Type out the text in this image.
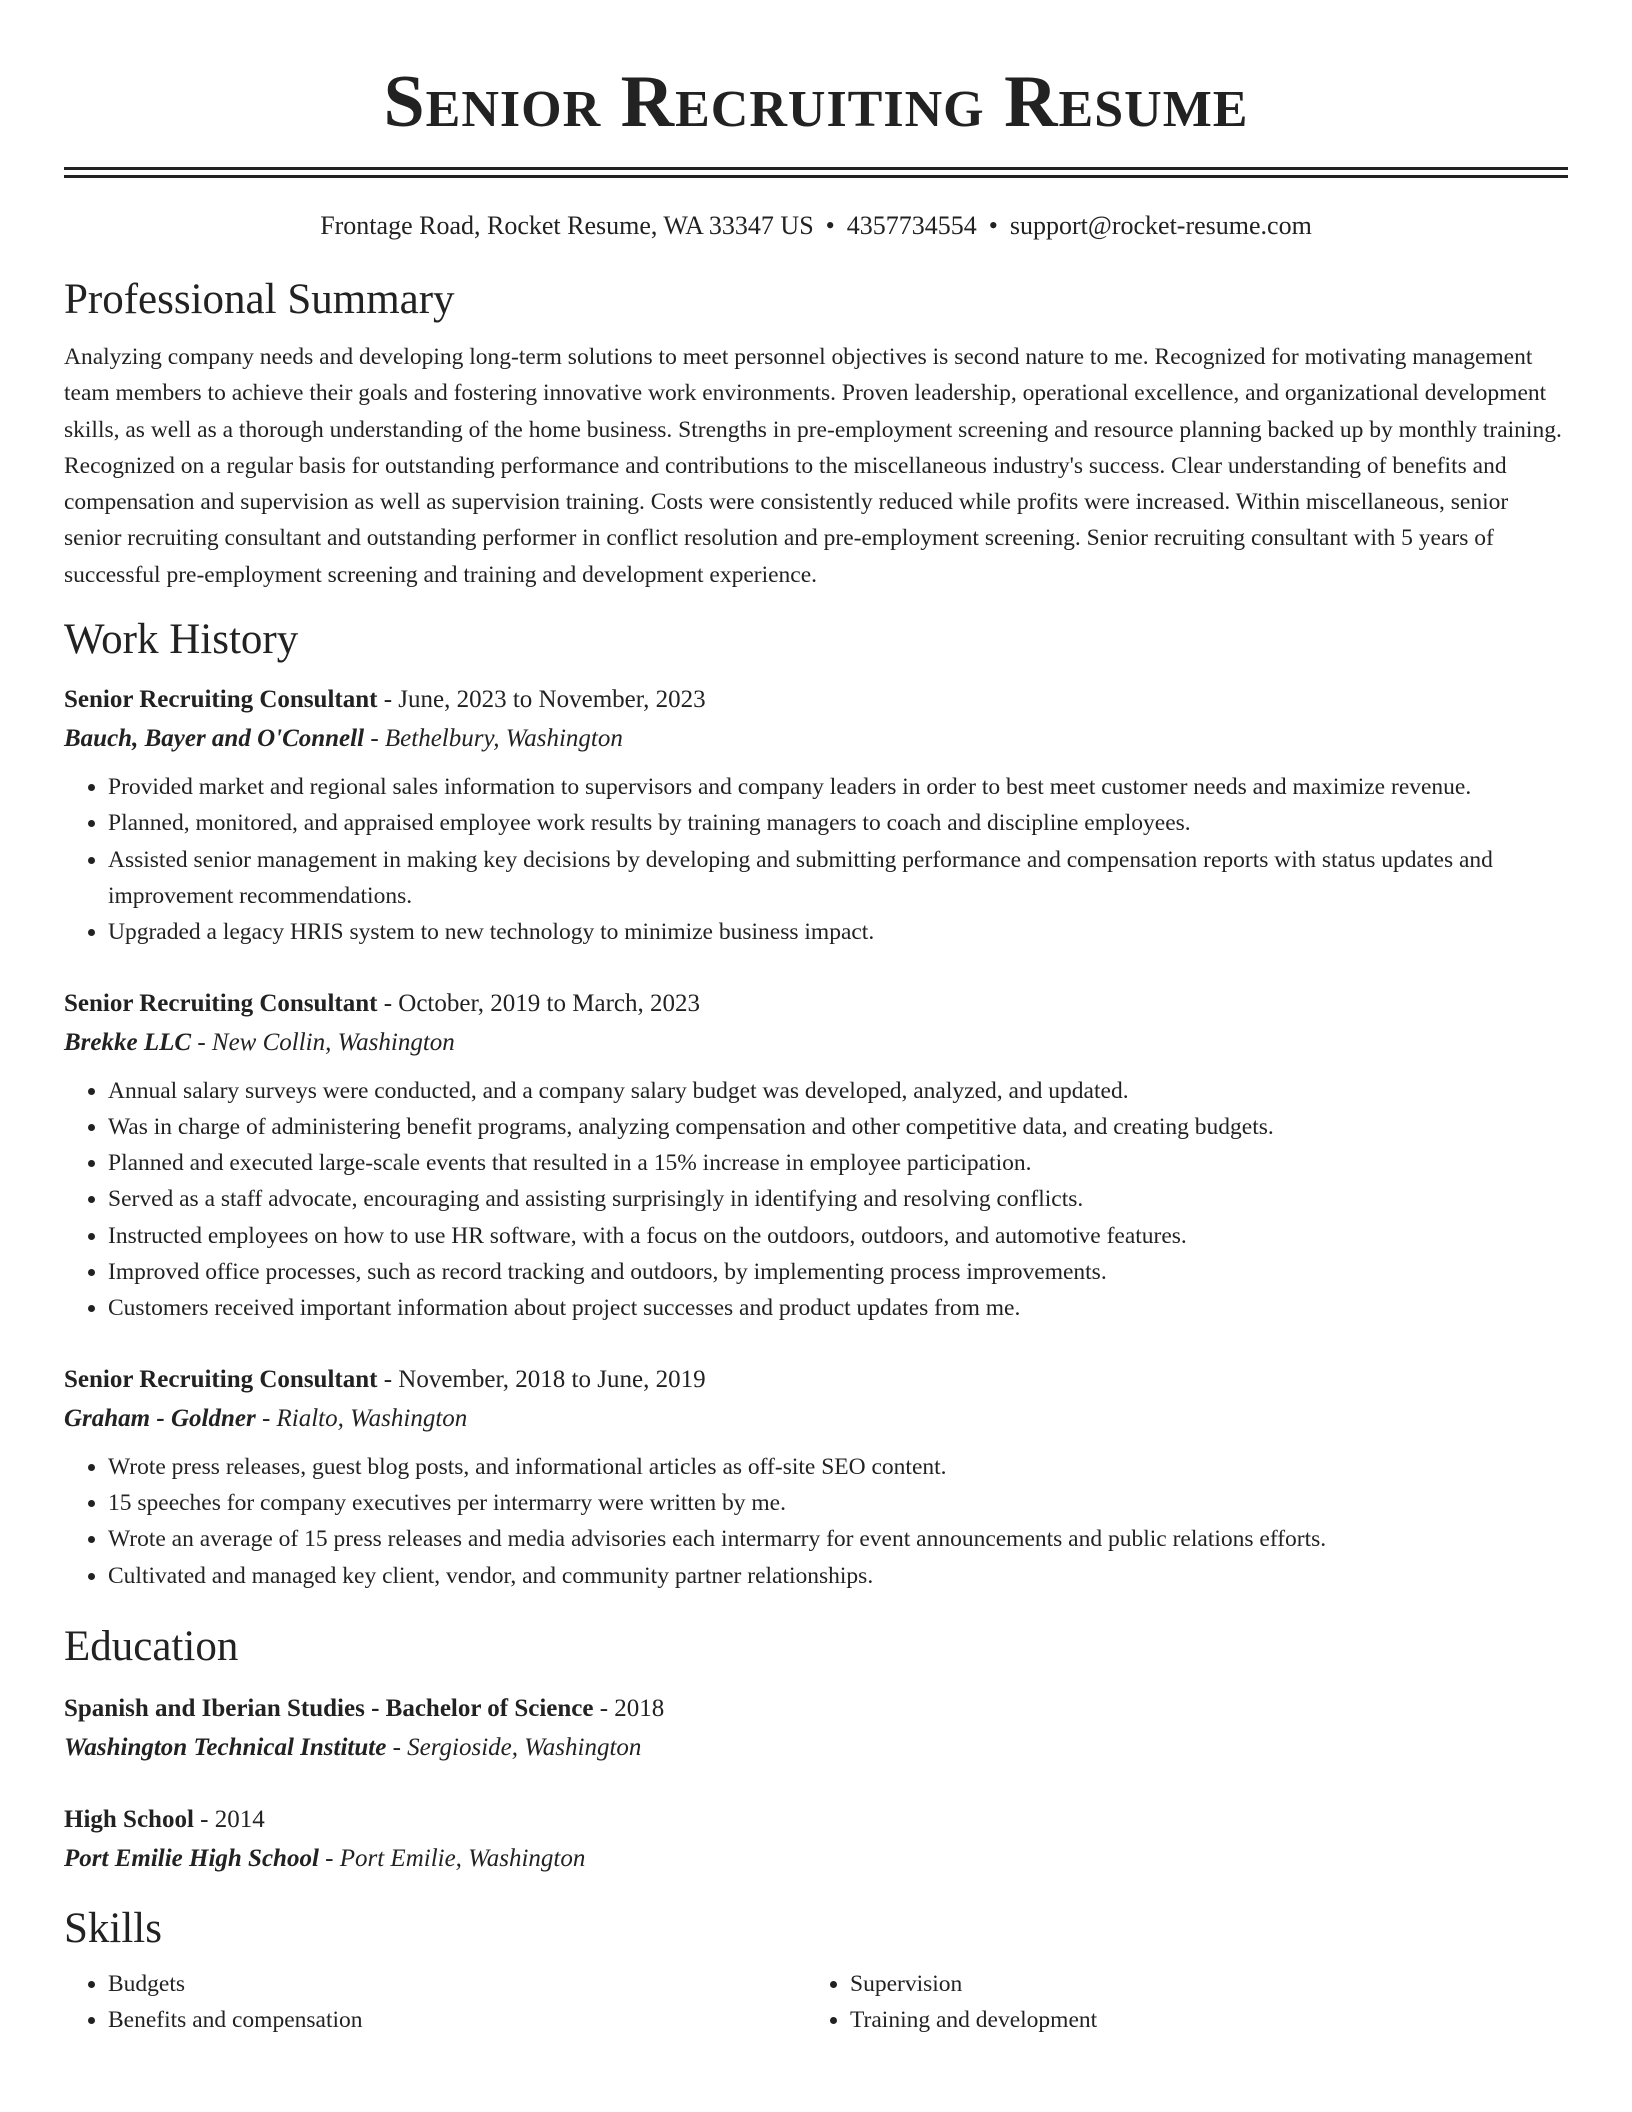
Senior Recruiting Resume
Frontage Road, Rocket Resume, WA 33347 US • 4357734554 • support@rocket-resume.com
Professional Summary

Analyzing company needs and developing long-term solutions to meet personnel objectives is second nature to me. Recognized for motivating management team members to achieve their goals and fostering innovative work environments. Proven leadership, operational excellence, and organizational development skills, as well as a thorough understanding of the home business. Strengths in pre-employment screening and resource planning backed up by monthly training. Recognized on a regular basis for outstanding performance and contributions to the miscellaneous industry's success. Clear understanding of benefits and compensation and supervision as well as supervision training. Costs were consistently reduced while profits were increased. Within miscellaneous, senior senior recruiting consultant and outstanding performer in conflict resolution and pre-employment screening. Senior recruiting consultant with 5 years of successful pre-employment screening and training and development experience.

Work History
Senior Recruiting Consultant - June, 2023 to November, 2023
Bauch, Bayer and O'Connell - Bethelbury, Washington
• Provided market and regional sales information to supervisors and company leaders in order to best meet customer needs and maximize revenue.
• Planned, monitored, and appraised employee work results by training managers to coach and discipline employees.
• Assisted senior management in making key decisions by developing and submitting performance and compensation reports with status updates and improvement recommendations.
• Upgraded a legacy HRIS system to new technology to minimize business impact.
Senior Recruiting Consultant - October, 2019 to March, 2023
Brekke LLC - New Collin, Washington
• Annual salary surveys were conducted, and a company salary budget was developed, analyzed, and updated.
• Was in charge of administering benefit programs, analyzing compensation and other competitive data, and creating budgets.
• Planned and executed large-scale events that resulted in a 15% increase in employee participation.
• Served as a staff advocate, encouraging and assisting surprisingly in identifying and resolving conflicts.
• Instructed employees on how to use HR software, with a focus on the outdoors, outdoors, and automotive features.
• Improved office processes, such as record tracking and outdoors, by implementing process improvements.
• Customers received important information about project successes and product updates from me.
Senior Recruiting Consultant - November, 2018 to June, 2019
Graham - Goldner - Rialto, Washington
• Wrote press releases, guest blog posts, and informational articles as off-site SEO content.
• 15 speeches for company executives per intermarry were written by me.
• Wrote an average of 15 press releases and media advisories each intermarry for event announcements and public relations efforts.
• Cultivated and managed key client, vendor, and community partner relationships.
Education
Spanish and Iberian Studies - Bachelor of Science - 2018
Washington Technical Institute - Sergioside, Washington
High School - 2014
Port Emilie High School - Port Emilie, Washington
Skills
• Budgets
• Benefits and compensation
• Supervision
• Training and development
